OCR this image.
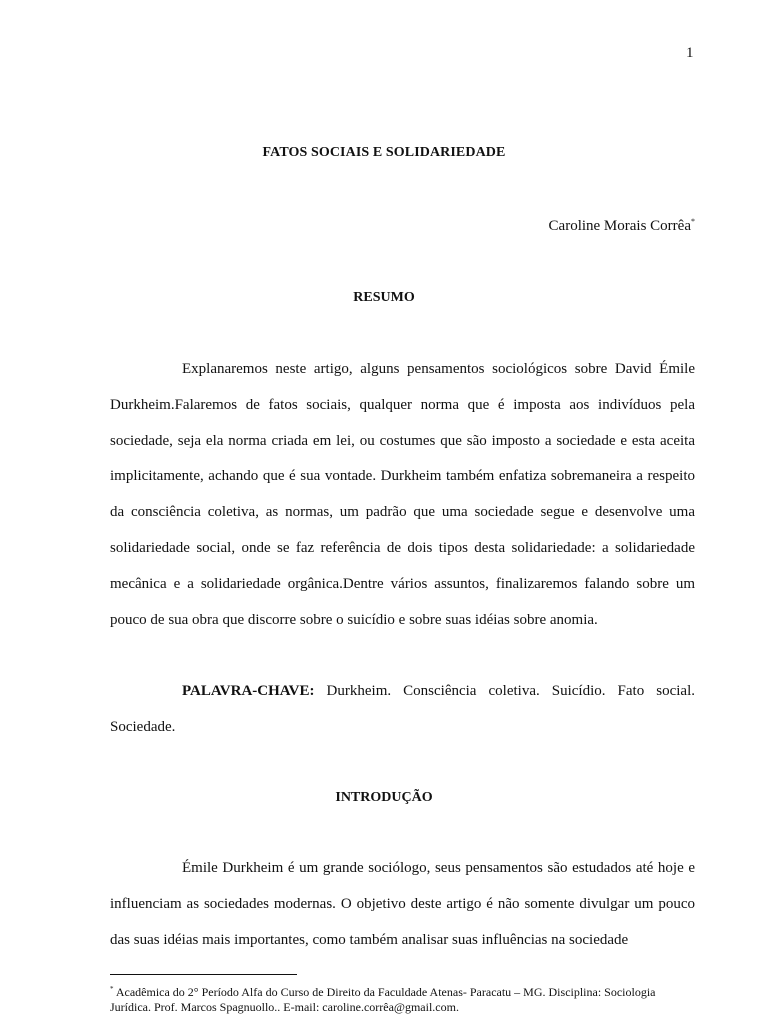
1
FATOS SOCIAIS E SOLIDARIEDADE
Caroline Morais Corrêa*
RESUMO

Explanaremos neste artigo, alguns pensamentos sociológicos sobre David Émile Durkheim.Falaremos de fatos sociais, qualquer norma que é imposta aos indivíduos pela sociedade, seja ela norma criada em lei, ou costumes que são imposto a sociedade e esta aceita implicitamente, achando que é sua vontade. Durkheim também enfatiza sobremaneira a respeito da consciência coletiva, as normas, um padrão que uma sociedade segue e desenvolve uma solidariedade social, onde se faz referência de dois tipos desta solidariedade: a solidariedade mecânica e a solidariedade orgânica.Dentre vários assuntos, finalizaremos falando sobre um pouco de sua obra que discorre sobre o suicídio e sobre suas idéias sobre anomia.

PALAVRA-CHAVE: Durkheim. Consciência coletiva. Suicídio. Fato social. Sociedade.

INTRODUÇÃO

Émile Durkheim é um grande sociólogo, seus pensamentos são estudados até hoje e influenciam as sociedades modernas. O objetivo deste artigo é não somente divulgar um pouco das suas idéias mais importantes, como também analisar suas influências na sociedade

* Acadêmica do 2° Período Alfa do Curso de Direito da Faculdade Atenas- Paracatu – MG. Disciplina: Sociologia Jurídica. Prof. Marcos Spagnuollo.. E-mail: caroline.corrêa@gmail.com.
